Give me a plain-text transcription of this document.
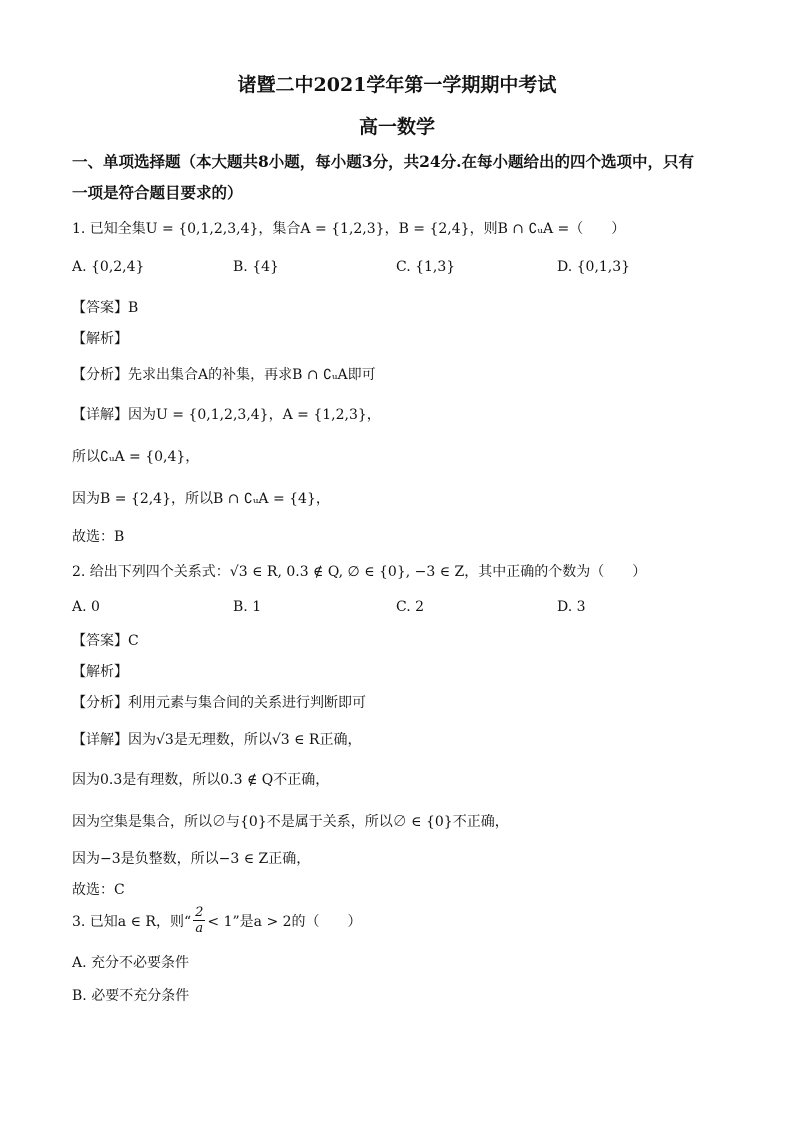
诸暨二中2021学年第一学期期中考试
高一数学
一、单项选择题（本大题共8小题，每小题3分，共24分.在每小题给出的四个选项中，只有
一项是符合题目要求的）
1. 已知全集U = {0,1,2,3,4}，集合A = {1,2,3}，B = {2,4}，则B ∩ ∁ᵤA =（　　）
A. {0,2,4}	B. {4}	C. {1,3}	D. {0,1,3}
【答案】B
【解析】
【分析】先求出集合A的补集，再求B ∩ ∁ᵤA即可
【详解】因为U = {0,1,2,3,4}，A = {1,2,3}，
所以∁ᵤA = {0,4}，
因为B = {2,4}，所以B ∩ ∁ᵤA = {4}，
故选：B
2. 给出下列四个关系式：√3 ∈ R, 0.3 ∉ Q, ∅ ∈ {0}, −3 ∈ Z，其中正确的个数为（　　）
A. 0	B. 1	C. 2	D. 3
【答案】C
【解析】
【分析】利用元素与集合间的关系进行判断即可
【详解】因为√3是无理数，所以√3 ∈ R正确，
因为0.3是有理数，所以0.3 ∉ Q不正确，
因为空集是集合，所以∅与{0}不是属于关系，所以∅ ∈ {0}不正确，
因为−3是负整数，所以−3 ∈ Z正确，
故选：C
3. 已知a ∈ R，则“ $\frac{2}{a} < 1$”是a > 2的（　　）
A. 充分不必要条件
B. 必要不充分条件
